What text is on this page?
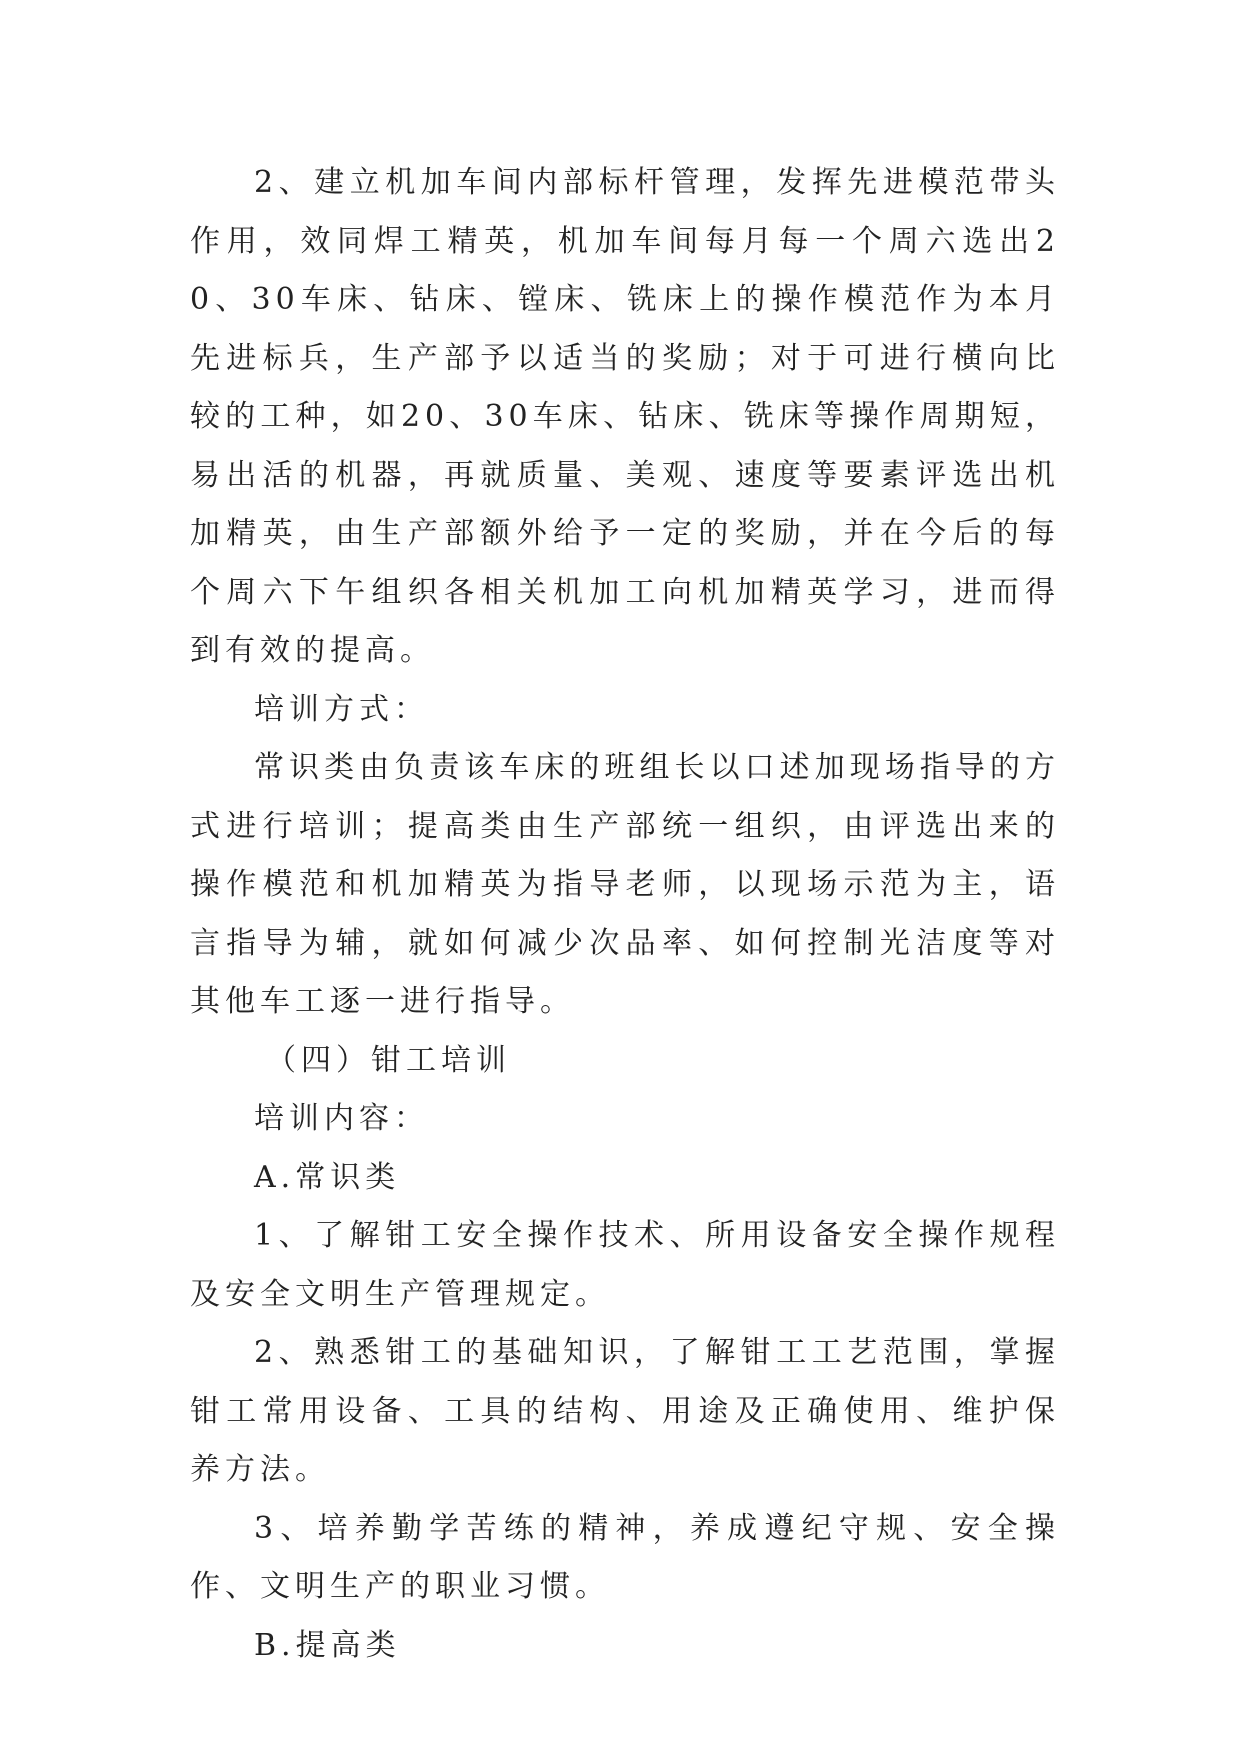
2、建立机加车间内部标杆管理，发挥先进模范带头作用，效同焊工精英，机加车间每月每一个周六选出20、30车床、钻床、镗床、铣床上的操作模范作为本月先进标兵，生产部予以适当的奖励；对于可进行横向比较的工种，如20、30车床、钻床、铣床等操作周期短，易出活的机器，再就质量、美观、速度等要素评选出机加精英，由生产部额外给予一定的奖励，并在今后的每个周六下午组织各相关机加工向机加精英学习，进而得到有效的提高。

培训方式：

常识类由负责该车床的班组长以口述加现场指导的方式进行培训；提高类由生产部统一组织，由评选出来的操作模范和机加精英为指导老师，以现场示范为主，语言指导为辅，就如何减少次品率、如何控制光洁度等对其他车工逐一进行指导。

（四）钳工培训

培训内容：

A.常识类

1、了解钳工安全操作技术、所用设备安全操作规程及安全文明生产管理规定。

2、熟悉钳工的基础知识，了解钳工工艺范围，掌握钳工常用设备、工具的结构、用途及正确使用、维护保养方法。

3、培养勤学苦练的精神，养成遵纪守规、安全操作、文明生产的职业习惯。

B.提高类
